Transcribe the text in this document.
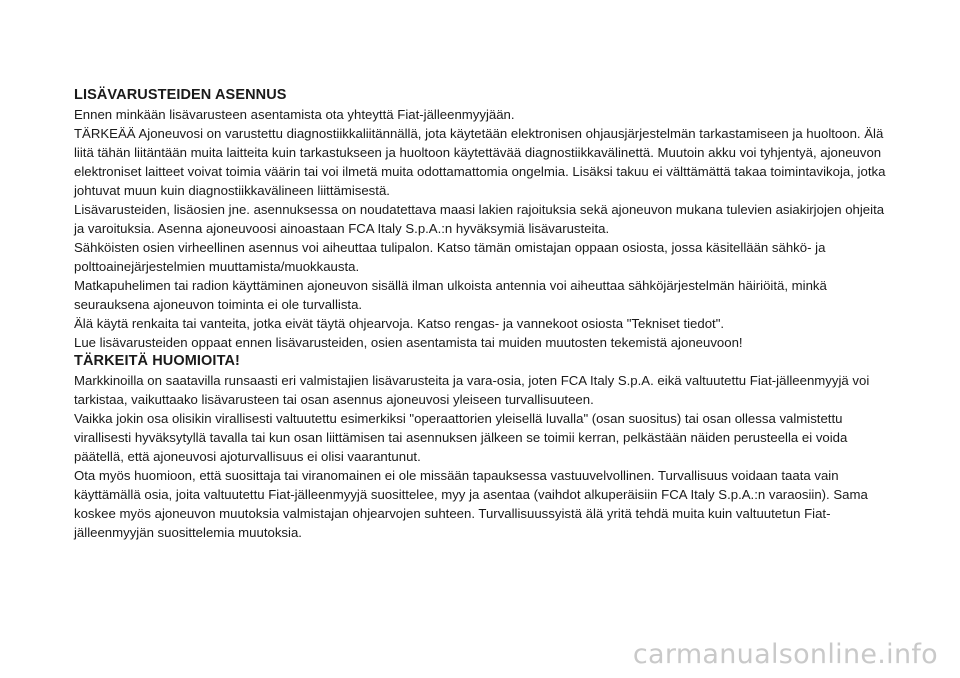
LISÄVARUSTEIDEN ASENNUS

Ennen minkään lisävarusteen asentamista ota yhteyttä Fiat-jälleenmyyjään.

TÄRKEÄÄ Ajoneuvosi on varustettu diagnostiikkaliitännällä, jota käytetään elektronisen ohjausjärjestelmän tarkastamiseen ja huoltoon. Älä liitä tähän liitäntään muita laitteita kuin tarkastukseen ja huoltoon käytettävää diagnostiikkavälinettä. Muutoin akku voi tyhjentyä, ajoneuvon elektroniset laitteet voivat toimia väärin tai voi ilmetä muita odottamattomia ongelmia. Lisäksi takuu ei välttämättä takaa toimintavikoja, jotka johtuvat muun kuin diagnostiikkavälineen liittämisestä.

Lisävarusteiden, lisäosien jne. asennuksessa on noudatettava maasi lakien rajoituksia sekä ajoneuvon mukana tulevien asiakirjojen ohjeita ja varoituksia. Asenna ajoneuvoosi ainoastaan FCA Italy S.p.A.:n hyväksymiä lisävarusteita.

Sähköisten osien virheellinen asennus voi aiheuttaa tulipalon. Katso tämän omistajan oppaan osiosta, jossa käsitellään sähkö- ja polttoainejärjestelmien muuttamista/muokkausta.

Matkapuhelimen tai radion käyttäminen ajoneuvon sisällä ilman ulkoista antennia voi aiheuttaa sähköjärjestelmän häiriöitä, minkä seurauksena ajoneuvon toiminta ei ole turvallista.

Älä käytä renkaita tai vanteita, jotka eivät täytä ohjearvoja. Katso rengas- ja vannekoot osiosta "Tekniset tiedot".

Lue lisävarusteiden oppaat ennen lisävarusteiden, osien asentamista tai muiden muutosten tekemistä ajoneuvoon!

TÄRKEITÄ HUOMIOITA!

Markkinoilla on saatavilla runsaasti eri valmistajien lisävarusteita ja vara-osia, joten FCA Italy S.p.A. eikä valtuutettu Fiat-jälleenmyyjä voi tarkistaa, vaikuttaako lisävarusteen tai osan asennus ajoneuvosi yleiseen turvallisuuteen.

Vaikka jokin osa olisikin virallisesti valtuutettu esimerkiksi "operaattorien yleisellä luvalla" (osan suositus) tai osan ollessa valmistettu virallisesti hyväksytyllä tavalla tai kun osan liittämisen tai asennuksen jälkeen se toimii kerran, pelkästään näiden perusteella ei voida päätellä, että ajoneuvosi ajoturvallisuus ei olisi vaarantunut.

Ota myös huomioon, että suosittaja tai viranomainen ei ole missään tapauksessa vastuuvelvollinen. Turvallisuus voidaan taata vain käyttämällä osia, joita valtuutettu Fiat-jälleenmyyjä suosittelee, myy ja asentaa (vaihdot alkuperäisiin FCA Italy S.p.A.:n varaosiin). Sama koskee myös ajoneuvon muutoksia valmistajan ohjearvojen suhteen. Turvallisuussyistä älä yritä tehdä muita kuin valtuutetun Fiat-jälleenmyyjän suosittelemia muutoksia.

carmanualsonline.info
